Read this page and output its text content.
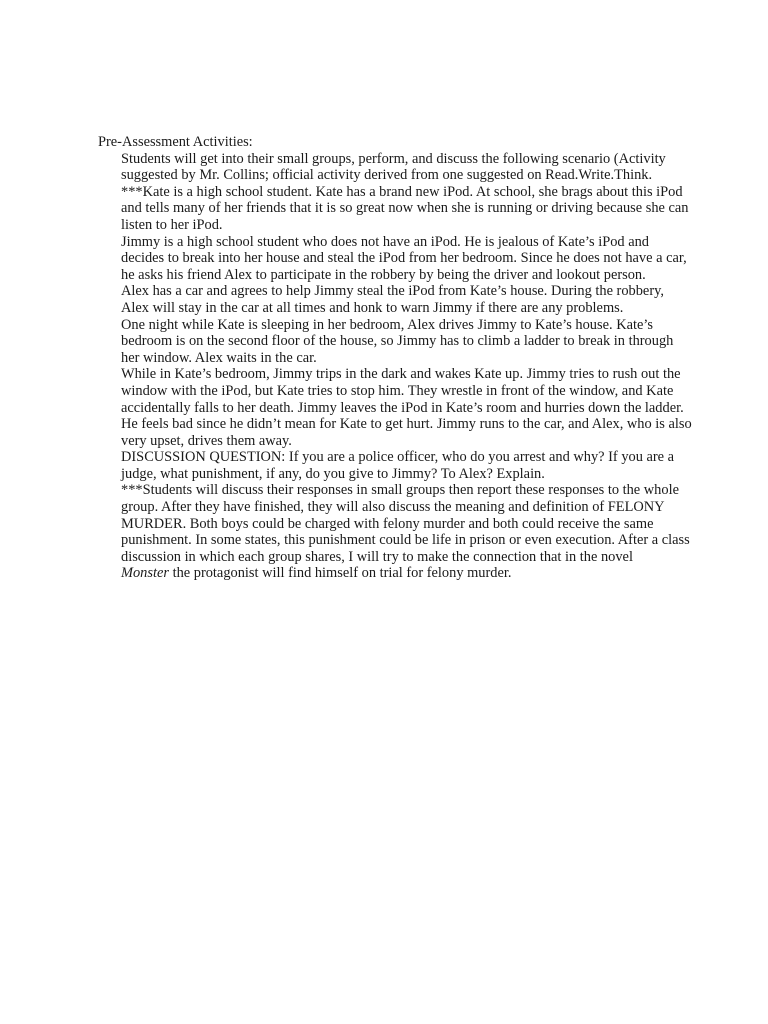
Pre-Assessment Activities:

Students will get into their small groups, perform, and discuss the following scenario (Activity suggested by Mr. Collins; official activity derived from one suggested on Read.Write.Think.

***Kate is a high school student. Kate has a brand new iPod. At school, she brags about this iPod and tells many of her friends that it is so great now when she is running or driving because she can listen to her iPod.

Jimmy is a high school student who does not have an iPod. He is jealous of Kate’s iPod and decides to break into her house and steal the iPod from her bedroom. Since he does not have a car, he asks his friend Alex to participate in the robbery by being the driver and lookout person.

Alex has a car and agrees to help Jimmy steal the iPod from Kate’s house. During the robbery, Alex will stay in the car at all times and honk to warn Jimmy if there are any problems.

One night while Kate is sleeping in her bedroom, Alex drives Jimmy to Kate’s house. Kate’s bedroom is on the second floor of the house, so Jimmy has to climb a ladder to break in through her window. Alex waits in the car.

While in Kate’s bedroom, Jimmy trips in the dark and wakes Kate up. Jimmy tries to rush out the window with the iPod, but Kate tries to stop him. They wrestle in front of the window, and Kate accidentally falls to her death. Jimmy leaves the iPod in Kate’s room and hurries down the ladder. He feels bad since he didn’t mean for Kate to get hurt. Jimmy runs to the car, and Alex, who is also very upset, drives them away.

DISCUSSION QUESTION: If you are a police officer, who do you arrest and why? If you are a judge, what punishment, if any, do you give to Jimmy? To Alex? Explain.

***Students will discuss their responses in small groups then report these responses to the whole group. After they have finished, they will also discuss the meaning and definition of FELONY MURDER. Both boys could be charged with felony murder and both could receive the same punishment. In some states, this punishment could be life in prison or even execution. After a class discussion in which each group shares, I will try to make the connection that in the novel
Monster the protagonist will find himself on trial for felony murder.
